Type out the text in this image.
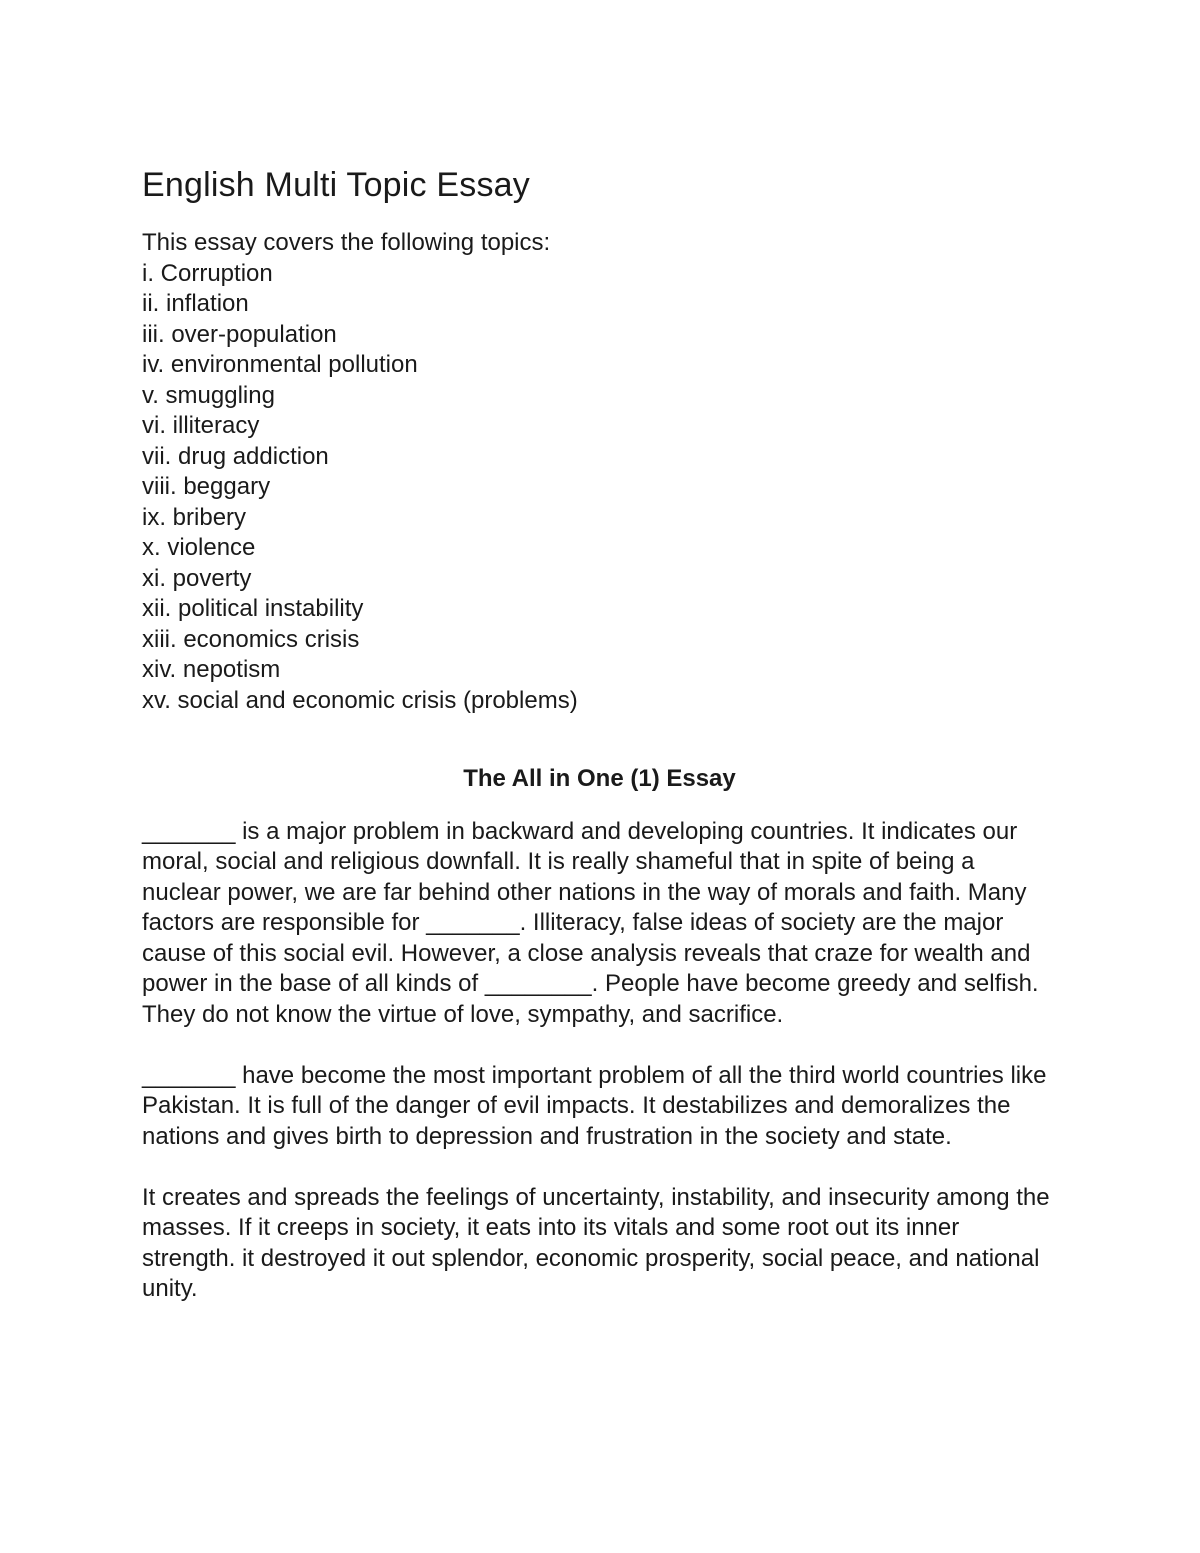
English Multi Topic Essay

This essay covers the following topics:

i. Corruption
ii. inflation
iii. over-population
iv. environmental pollution
v. smuggling
vi. illiteracy
vii. drug addiction
viii. beggary
ix. bribery
x. violence
xi. poverty
xii. political instability
xiii. economics crisis
xiv. nepotism
xv. social and economic crisis (problems)
The All in One (1) Essay

_______ is a major problem in backward and developing countries. It indicates our moral, social and religious downfall. It is really shameful that in spite of being a nuclear power, we are far behind other nations in the way of morals and faith. Many factors are responsible for _______. Illiteracy, false ideas of society are the major cause of this social evil. However, a close analysis reveals that craze for wealth and power in the base of all kinds of ________. People have become greedy and selfish. They do not know the virtue of love, sympathy, and sacrifice.

_______ have become the most important problem of all the third world countries like Pakistan. It is full of the danger of evil impacts. It destabilizes and demoralizes the nations and gives birth to depression and frustration in the society and state.

It creates and spreads the feelings of uncertainty, instability, and insecurity among the masses. If it creeps in society, it eats into its vitals and some root out its inner strength. it destroyed it out splendor, economic prosperity, social peace, and national unity.
